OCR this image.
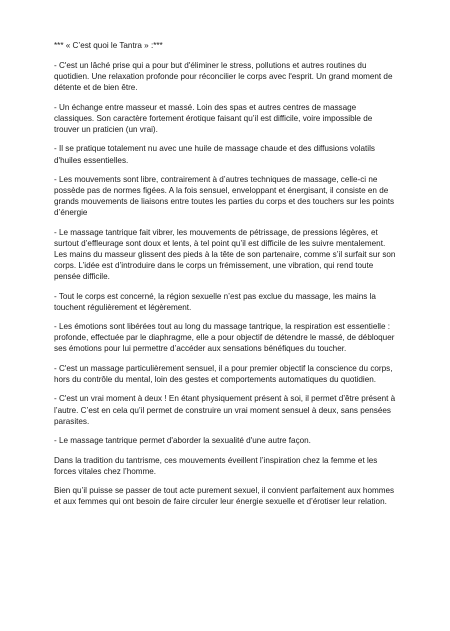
*** « C’est quoi le Tantra » :***

- C'est un lâché prise qui a pour but d'éliminer le stress, pollutions et autres routines du quotidien. Une relaxation profonde pour réconcilier le corps avec l'esprit. Un grand moment de détente et de bien être.

- Un échange entre masseur et massé. Loin des spas et autres centres de massage classiques. Son caractère fortement érotique faisant qu’il est difficile, voire impossible de trouver un praticien (un vrai).

- Il se pratique totalement nu avec une huile de massage chaude et des diffusions volatils d'huiles essentielles.

- Les mouvements sont libre, contrairement à d’autres techniques de massage, celle-ci ne possède pas de normes figées. A la fois sensuel, enveloppant et énergisant, il consiste en de grands mouvements de liaisons entre toutes les parties du corps et des touchers sur les points d’énergie

- Le massage tantrique fait vibrer, les mouvements de pétrissage, de pressions légères, et surtout d’effleurage sont doux et lents, à tel point qu’il est difficile de les suivre mentalement. Les mains du masseur glissent des pieds à la tête de son partenaire, comme s’il surfait sur son corps. L’idée est d’introduire dans le corps un frémissement, une vibration, qui rend toute pensée difficile.

- Tout le corps est concerné, la région sexuelle n’est pas exclue du massage, les mains la touchent régulièrement et légèrement.

- Les émotions sont libérées tout au long du massage tantrique, la respiration est essentielle : profonde, effectuée par le diaphragme, elle a pour objectif de détendre le massé, de débloquer ses émotions pour lui permettre d’accéder aux sensations bénéfiques du toucher.

- C'est un massage particulièrement sensuel, il a pour premier objectif la conscience du corps, hors du contrôle du mental, loin des gestes et comportements automatiques du quotidien.

- C'est un vrai moment à deux ! En étant physiquement présent à soi, il permet d’être présent à l’autre. C’est en cela qu’il permet de construire un vrai moment sensuel à deux, sans pensées parasites.

- Le massage tantrique permet d'aborder la sexualité d'une autre façon.

Dans la tradition du tantrisme, ces mouvements éveillent l’inspiration chez la femme et les forces vitales chez l’homme.

Bien qu’il puisse se passer de tout acte purement sexuel, il convient parfaitement aux hommes et aux femmes qui ont besoin de faire circuler leur énergie sexuelle et d’érotiser leur relation.
